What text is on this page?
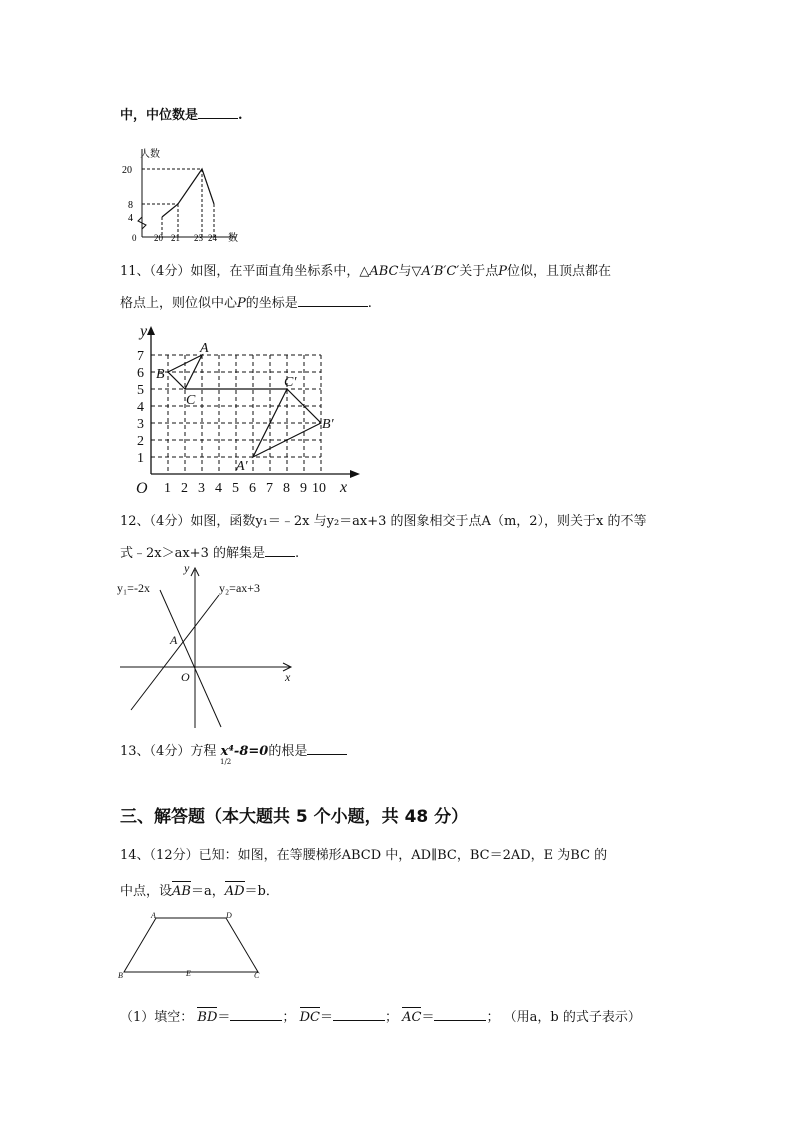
中，中位数是	.
人数
20
8
4
0 20 21 23 24 数
11、（4分）如图，在平面直角坐标系中，△ABC与▽A′B′C′关于点P位似，且顶点都在
格点上，则位似中心P的坐标是	.
1 2 3 4 5 6 7 8 9 10
1
2
3
4
5
6
7
O	x
y
A
B
C
A′
B′
C′
12、（4分）如图，函数y₁＝﹣2x 与y₂＝ax+3 的图象相交于点A（m，2），则关于x 的不等
式﹣2x＞ax+3 的解集是 .
y₁=-2x	y₂=ax+3
A
O	x
y
13、（4分）方程 x⁴-8=0的根是
1/2
三、解答题（本大题共 5 个小题，共 48 分）
14、（12分）已知：如图，在等腰梯形ABCD 中，AD∥BC，BC＝2AD，E 为BC 的
中点，设AB＝a，AD＝b．
A	D
B	E	C
（1）填空： BD＝	； DC＝	； AC＝	； （用a，b 的式子表示）
